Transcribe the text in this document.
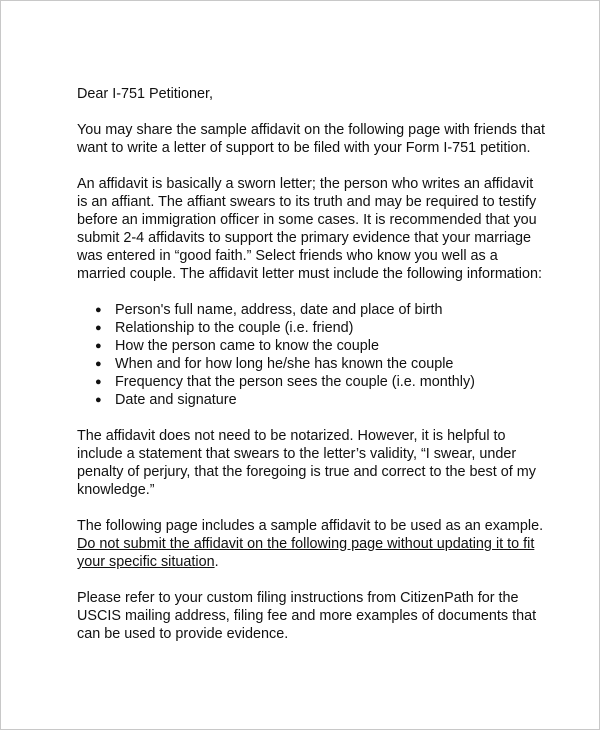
Dear I-751 Petitioner,

You may share the sample affidavit on the following page with friends that want to write a letter of support to be filed with your Form I-751 petition.

An affidavit is basically a sworn letter; the person who writes an affidavit is an affiant. The affiant swears to its truth and may be required to testify before an immigration officer in some cases. It is recommended that you submit 2-4 affidavits to support the primary evidence that your marriage was entered in “good faith.” Select friends who know you well as a married couple. The affidavit letter must include the following information:

● Person's full name, address, date and place of birth
● Relationship to the couple (i.e. friend)
● How the person came to know the couple
● When and for how long he/she has known the couple
● Frequency that the person sees the couple (i.e. monthly)
● Date and signature

The affidavit does not need to be notarized. However, it is helpful to include a statement that swears to the letter’s validity, “I swear, under penalty of perjury, that the foregoing is true and correct to the best of my knowledge.”

The following page includes a sample affidavit to be used as an example. Do not submit the affidavit on the following page without updating it to fit your specific situation.

Please refer to your custom filing instructions from CitizenPath for the USCIS mailing address, filing fee and more examples of documents that can be used to provide evidence.
